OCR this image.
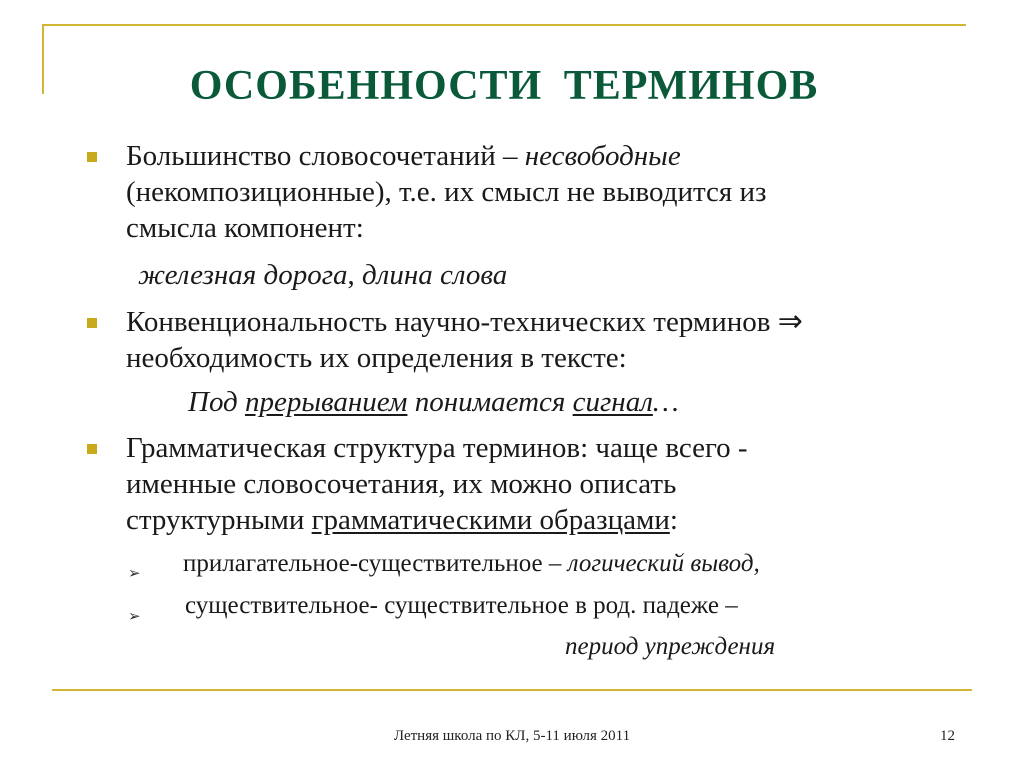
ОСОБЕННОСТИ ТЕРМИНОВ
Большинство словосочетаний – несвободные
(некомпозиционные), т.е. их смысл не выводится из
смысла компонент:
железная дорога, длина слова
Конвенциональность научно-технических терминов ⇒
необходимость их определения в тексте:
Под прерыванием понимается сигнал…
Грамматическая структура терминов: чаще всего -
именные словосочетания, их можно описать
структурными грамматическими образцами:
➢ прилагательное-существительное – логический вывод,
➢ существительное- существительное в род. падеже –
период упреждения
Летняя школа по КЛ, 5-11 июля 2011	12
